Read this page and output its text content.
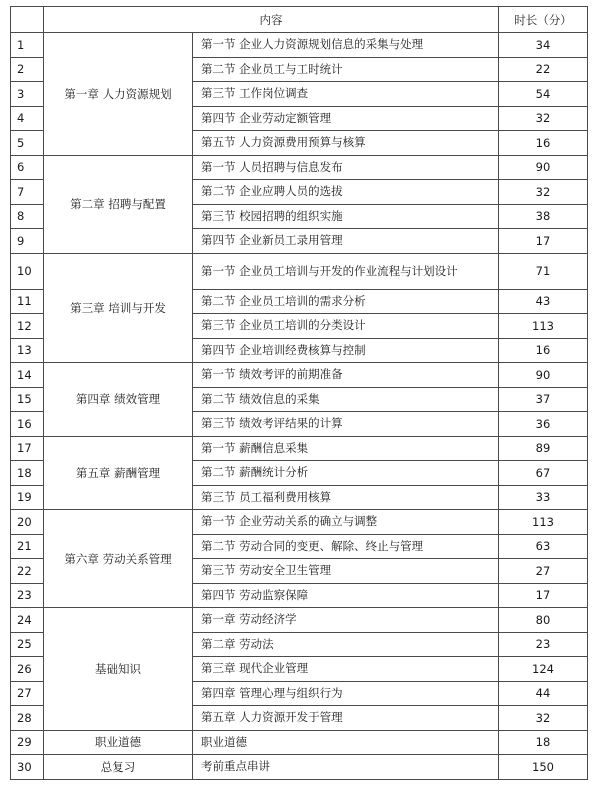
	内容		时长（分）
1	第一章 人力资源规划	第一节 企业人力资源规划信息的采集与处理	34
2		第二节 企业员工与工时统计	22
3		第三节 工作岗位调查	54
4		第四节 企业劳动定额管理	32
5		第五节 人力资源费用预算与核算	16
6	第二章 招聘与配置	第一节 人员招聘与信息发布	90
7		第二节 企业应聘人员的选拔	32
8		第三节 校园招聘的组织实施	38
9		第四节 企业新员工录用管理	17
10	第三章 培训与开发	第一节 企业员工培训与开发的作业流程与计划设计	71
11		第二节 企业员工培训的需求分析	43
12		第三节 企业员工培训的分类设计	113
13		第四节 企业培训经费核算与控制	16
14	第四章 绩效管理	第一节 绩效考评的前期准备	90
15		第二节 绩效信息的采集	37
16		第三节 绩效考评结果的计算	36
17	第五章 薪酬管理	第一节 薪酬信息采集	89
18		第二节 薪酬统计分析	67
19		第三节 员工福利费用核算	33
20	第六章 劳动关系管理	第一节 企业劳动关系的确立与调整	113
21		第二节 劳动合同的变更、解除、终止与管理	63
22		第三节 劳动安全卫生管理	27
23		第四节 劳动监察保障	17
24	基础知识	第一章 劳动经济学	80
25		第二章 劳动法	23
26		第三章 现代企业管理	124
27		第四章 管理心理与组织行为	44
28		第五章 人力资源开发于管理	32
29	职业道德	职业道德	18
30	总复习	考前重点串讲	150
